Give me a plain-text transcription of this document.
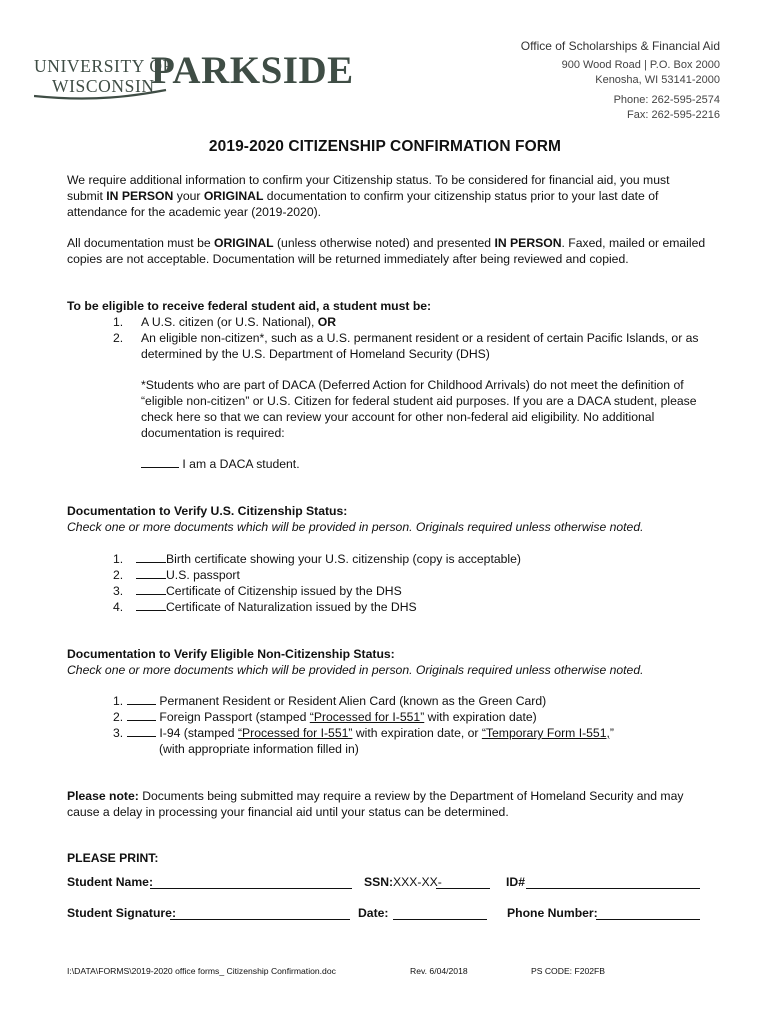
UNIVERSITY OF
WISCONSIN
PARKSIDE
Office of Scholarships & Financial Aid
900 Wood Road | P.O. Box 2000
Kenosha, WI 53141-2000
Phone: 262-595-2574
Fax: 262-595-2216
2019-2020 CITIZENSHIP CONFIRMATION FORM
We require additional information to confirm your Citizenship status. To be considered for financial aid, you must submit IN PERSON your ORIGINAL documentation to confirm your citizenship status prior to your last date of attendance for the academic year (2019-2020).
All documentation must be ORIGINAL (unless otherwise noted) and presented IN PERSON. Faxed, mailed or emailed copies are not acceptable. Documentation will be returned immediately after being reviewed and copied.
To be eligible to receive federal student aid, a student must be:
1. A U.S. citizen (or U.S. National), OR
2. An eligible non-citizen*, such as a U.S. permanent resident or a resident of certain Pacific Islands, or as determined by the U.S. Department of Homeland Security (DHS)
*Students who are part of DACA (Deferred Action for Childhood Arrivals) do not meet the definition of “eligible non-citizen” or U.S. Citizen for federal student aid purposes. If you are a DACA student, please check here so that we can review your account for other non-federal aid eligibility. No additional documentation is required:
I am a DACA student.
Documentation to Verify U.S. Citizenship Status:
Check one or more documents which will be provided in person. Originals required unless otherwise noted.
1.	Birth certificate showing your U.S. citizenship (copy is acceptable)
2.	U.S. passport
3.	Certificate of Citizenship issued by the DHS
4.	Certificate of Naturalization issued by the DHS
Documentation to Verify Eligible Non-Citizenship Status:
Check one or more documents which will be provided in person. Originals required unless otherwise noted.
1.	Permanent Resident or Resident Alien Card (known as the Green Card)
2.	Foreign Passport (stamped “Processed for I-551” with expiration date)
3.	I-94 (stamped “Processed for I-551” with expiration date, or “Temporary Form I-551,”
(with appropriate information filled in)
Please note: Documents being submitted may require a review by the Department of Homeland Security and may cause a delay in processing your financial aid until your status can be determined.
PLEASE PRINT:
Student Name:	SSN: XXX-XX-	ID#
Student Signature:	Date:	Phone Number:
I:\DATA\FORMS\2019-2020 office forms_ Citizenship Confirmation.doc	Rev. 6/04/2018	PS CODE: F202FB
